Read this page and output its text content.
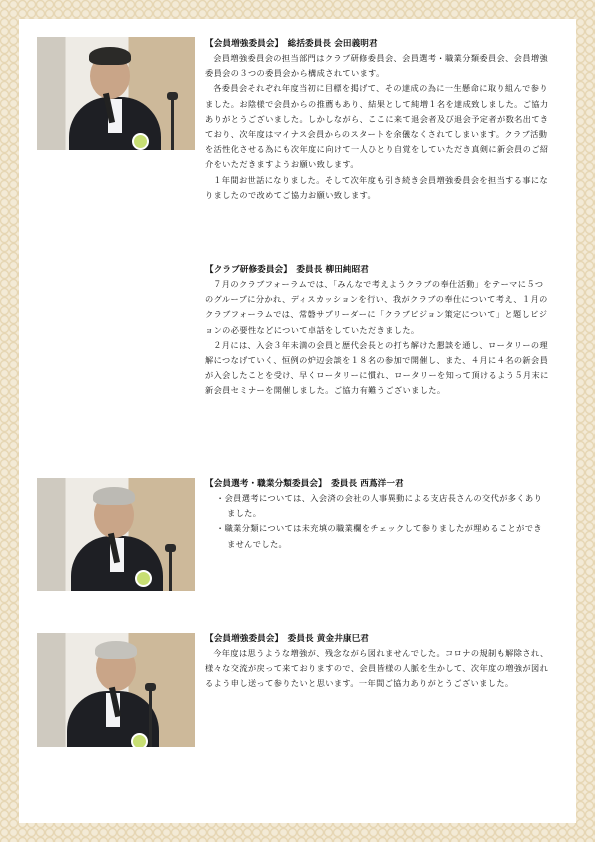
【会員増強委員会】　総括委員長 会田義明君

会員増強委員会の担当部門はクラブ研修委員会、会員選考・職業分類委員会、会員増強委員会の３つの委員会から構成されています。

各委員会それぞれ年度当初に目標を掲げて、その達成の為に一生懸命に取り組んで参りました。お陰様で会員からの推薦もあり、結果として純増１名を達成致しました。ご協力ありがとうございました。しかしながら、ここに来て退会者及び退会予定者が数名出てきており、次年度はマイナス会員からのスタートを余儀なくされてしまいます。クラブ活動を活性化させる為にも次年度に向けて一人ひとり自覚をしていただき真剣に新会員のご紹介をいただきますようお願い致します。

１年間お世話になりました。そして次年度も引き続き会員増強委員会を担当する事になりましたので改めてご協力お願い致します。

【クラブ研修委員会】　委員長 柳田純昭君

７月のクラブフォーラムでは、「みんなで考えようクラブの奉仕活動」をテーマに５つのグループに分かれ、ディスカッションを行い、我がクラブの奉仕について考え、１月のクラブフォーラムでは、常磐サプリーダーに「クラブビジョン策定について」と題しビジョンの必要性などについて卓話をしていただきました。

２月には、入会３年未満の会員と歴代会長との打ち解けた懇談を通し、ロータリーの理解につなげていく、恒例の炉辺会談を１８名の参加で開催し、また、４月に４名の新会員が入会したことを受け、早くロータリーに慣れ、ロータリーを知って頂けるよう５月末に新会員セミナーを開催しました。ご協力有難うございました。

【会員選考・職業分類委員会】　委員長 西蔦洋一君

・会員選考については、入会済の会社の人事異動による支店長さんの交代が多くありました。

・職業分類については未充填の職業欄をチェックして参りましたが埋めることができませんでした。

【会員増強委員会】　委員長 黄金井康巳君

今年度は思うような増強が、残念ながら図れませんでした。コロナの規制も解除され、様々な交流が戻って来ておりますので、会員皆様の人脈を生かして、次年度の増強が図れるよう申し送って参りたいと思います。一年間ご協力ありがとうございました。
